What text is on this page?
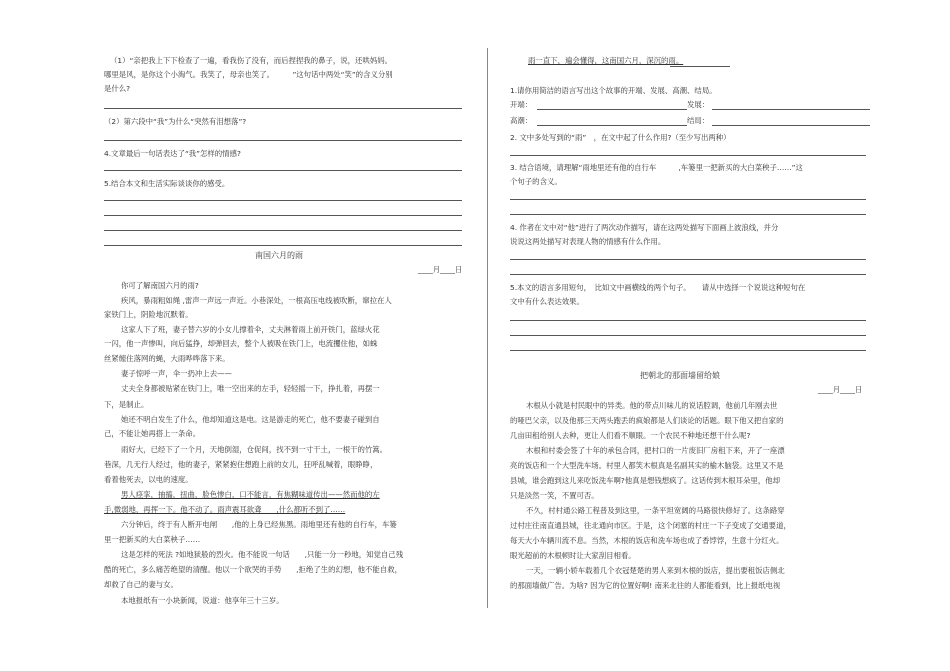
（1）“亲把我上下下检查了一遍，看我伤了没有，而后捏捏我的鼻子，说，还哄妈妈。
哪里是风，是你这个小淘气。我笑了，母亲也笑了。　　　”这句话中两处“笑”的含义分别
是什么?
（2）第六段中“我”为什么“突然有泪想落”?
4.文章最后一句话表达了“我”怎样的情感?
5.结合本文和生活实际谈谈你的感受。
南国六月的雨
____月____日
你可了解南国六月的雨?
疾风，暴雨粗如绳 ,雷声一声远一声近。小巷深处，一根高压电线被吹断，窜拉在人
家铁门上，阴险地沉默着。
这家人下了班，妻子替六岁的小女儿撑着伞，丈夫淋着雨上前开铁门，蓝绿火花
一闪，他一声惨叫，向后猛挣，却弹回去，整个人被吸在铁门上，电流攫住他，如蛛
丝紧缠住落网的蝇，大雨哗哗落下来。
妻子惊呼一声，伞一扔冲上去——
丈夫全身都被贴紧在铁门上，唯一空出来的左手，轻轻摇一下，挣扎着，再摆一
下，是制止。
她还不明白发生了什么，他却知道这是电。这是游走的死亡，他不要妻子碰到自
己，不能让她再搭上一条命。
雨好大，已经下了一个月，天地倒湿，仓促间，找不到一寸干土，一根干的竹篙。
巷深，几无行人经过，他的妻子，紧紧抱住想跑上前的女儿，狂呼乱喊着，眼睁睁，
看着他死去，以电的速度。
男人痉挛，抽搐，扭曲，脸色惨白，口不能言，有焦糊味道传出——然而他的左
手,微弱地，再挥一下。他不动了。雨声震耳欲聋　　,什么都听不到了……
六分钟后，终于有人断开电闸　　,他的上身已经焦黑。雨地里还有他的自行车，车篓
里一把新买的大白菜秧子……
这是怎样的死法 ?如地狱般的烈火。他不能说一句话　　,只能一分一秒地，知觉自己残
酷的死亡，多么痛苦绝望的清醒。他以一个欲哭的手势　　,拒绝了生的幻想，他不能自救，
却救了自己的妻与女。
本地报纸有一小块新闻，说道：他享年三十三岁。
雨一直下，遍会懂得，这南国六月，深沉的雨。
1.请你用简洁的语言写出这个故事的开端、发展、高潮、结局。
开端：	发展：
高潮：	结局：
2. 文中多处写到的“雨”　，在文中起了什么作用?（至少写出两种）
3. 结合语境，请理解“雨地里还有他的自行车　　　,车篓里一把新买的大白菜秧子……”这
个句子的含义。
4. 作者在文中对“他”进行了两次动作描写，请在这两处描写下面画上波浪线，并分
说说这两处描写对表现人物的情感有什么作用。
5.本文的语言多用短句，　比如文中画横线的两个句子。　　请从中选择一个说说这种短句在
文中有什么表达效果。
把朝北的那面墙留给娘
____月____日
木根从小就是村民眼中的异类。他的带点川味儿的说话腔调，他前几年刚去世
的哑巴父亲，以及他那三天两头跑丢的疯娘都是人们谈论的话题。眼下他又把自家的
几亩田租给别人去种，更让人们看不顺眼。一个农民不种地还想干什么呢?
木根和村委会签了十年的承包合同，把村口的一片废旧厂房租下来，开了一座漂
亮的饭店和一个大型洗车场。村里人都笑木根真是名副其实的榆木脑袋。这里又不是
县城，谁会跑到这儿来吃饭洗车啊?他真是想钱想疯了。这话传到木根耳朵里，他却
只是淡然一笑，不置可否。
不久，村村通公路工程普及到这里，一条平坦宽阔的马路很快修好了。这条路穿
过村庄往南直通县城，往北通向市区。于是，这个闭塞的村庄一下子变成了交通要道，
每天大小车辆川流不息。当然，木根的饭店和洗车场也成了香饽饽，生意十分红火。
眼光超前的木根顿时让大家刮目相看。
一天，一辆小轿车载着几个衣冠楚楚的男人来到木根的饭店，提出要租饭店侧北
的那面墙做广告。为啥? 因为它的位置好啊! 南来北往的人都能看到，比上报纸电视
